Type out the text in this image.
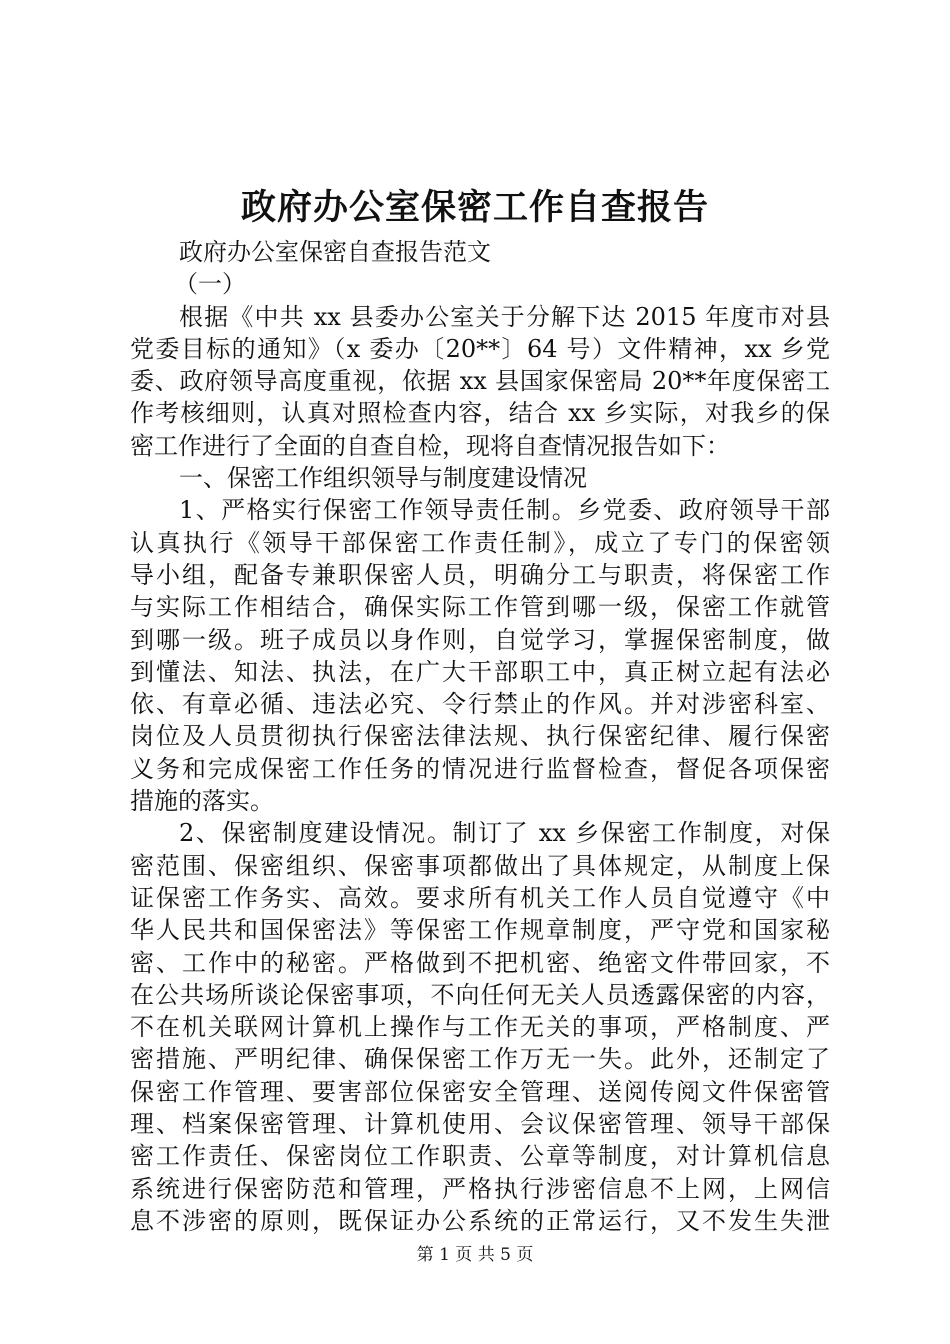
政府办公室保密工作自查报告
政府办公室保密自查报告范文
（一）
根据《中共 xx 县委办公室关于分解下达 2015 年度市对县
党委目标的通知》（x 委办〔20**〕64 号）文件精神，xx 乡党
委、政府领导高度重视，依据 xx 县国家保密局 20**年度保密工
作考核细则，认真对照检查内容，结合 xx 乡实际，对我乡的保
密工作进行了全面的自查自检，现将自查情况报告如下：
一、保密工作组织领导与制度建设情况
1、严格实行保密工作领导责任制。乡党委、政府领导干部
认真执行《领导干部保密工作责任制》，成立了专门的保密领
导小组，配备专兼职保密人员，明确分工与职责，将保密工作
与实际工作相结合，确保实际工作管到哪一级，保密工作就管
到哪一级。班子成员以身作则，自觉学习，掌握保密制度，做
到懂法、知法、执法，在广大干部职工中，真正树立起有法必
依、有章必循、违法必究、令行禁止的作风。并对涉密科室、
岗位及人员贯彻执行保密法律法规、执行保密纪律、履行保密
义务和完成保密工作任务的情况进行监督检查，督促各项保密
措施的落实。
2、保密制度建设情况。制订了 xx 乡保密工作制度，对保
密范围、保密组织、保密事项都做出了具体规定，从制度上保
证保密工作务实、高效。要求所有机关工作人员自觉遵守《中
华人民共和国保密法》等保密工作规章制度，严守党和国家秘
密、工作中的秘密。严格做到不把机密、绝密文件带回家，不
在公共场所谈论保密事项，不向任何无关人员透露保密的内容，
不在机关联网计算机上操作与工作无关的事项，严格制度、严
密措施、严明纪律、确保保密工作万无一失。此外，还制定了
保密工作管理、要害部位保密安全管理、送阅传阅文件保密管
理、档案保密管理、计算机使用、会议保密管理、领导干部保
密工作责任、保密岗位工作职责、公章等制度，对计算机信息
系统进行保密防范和管理，严格执行涉密信息不上网，上网信
息不涉密的原则，既保证办公系统的正常运行，又不发生失泄
第 1 页 共 5 页
